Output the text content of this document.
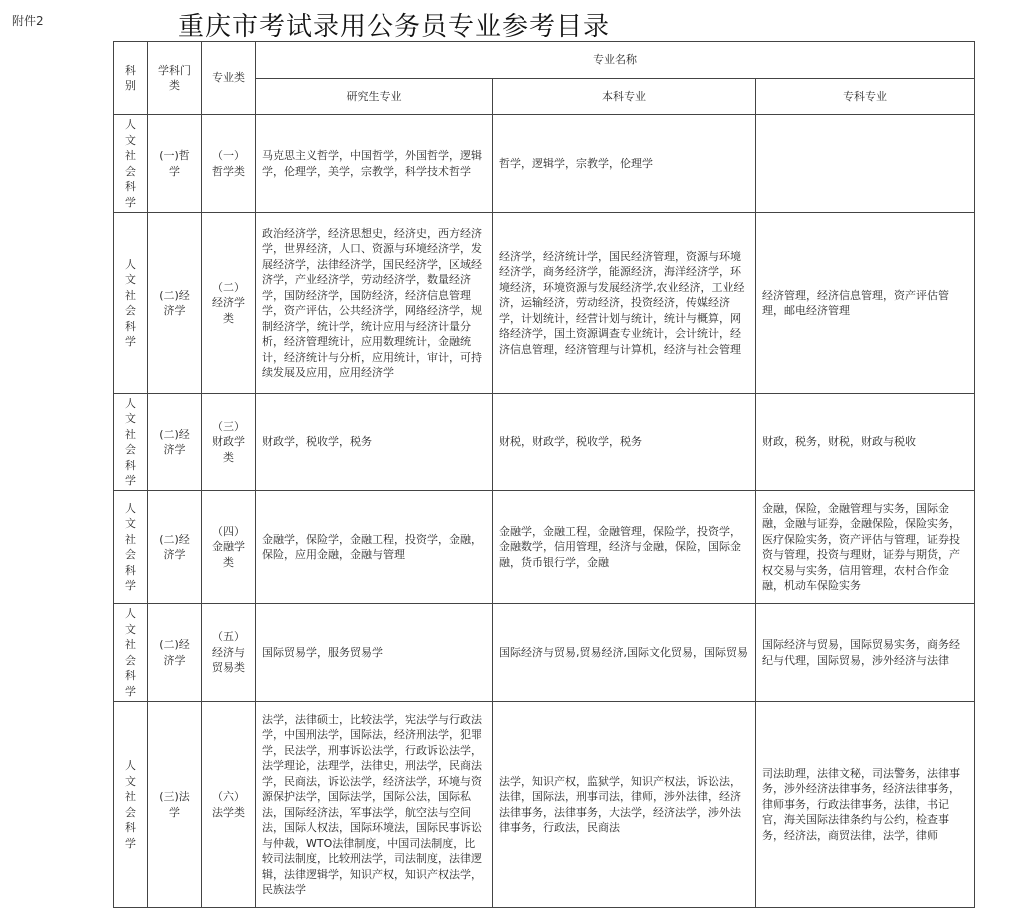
附件2	重庆市考试录用公务员专业参考目录
科别	学科门类	专业类	专业名称		
			研究生专业	本科专业	专科专业
人文社会科学	(一)哲学	（一）哲学类	马克思主义哲学，中国哲学，外国哲学，逻辑学，伦理学，美学，宗教学，科学技术哲学	哲学，逻辑学，宗教学，伦理学	
人文社会科学	(二)经济学	（二）经济学类	政治经济学，经济思想史，经济史，西方经济学，世界经济，人口、资源与环境经济学，发展经济学，法律经济学，国民经济学，区域经济学，产业经济学，劳动经济学，数量经济学，国防经济学，国防经济，经济信息管理学，资产评估，公共经济学，网络经济学，规制经济学，统计学，统计应用与经济计量分析，经济管理统计，应用数理统计，金融统计，经济统计与分析，应用统计，审计，可持续发展及应用，应用经济学	经济学，经济统计学，国民经济管理，资源与环境经济学，商务经济学，能源经济，海洋经济学，环境经济，环境资源与发展经济学,农业经济，工业经济，运输经济，劳动经济，投资经济，传媒经济学，计划统计，经营计划与统计，统计与概算，网络经济学，国土资源调查专业统计，会计统计，经济信息管理，经济管理与计算机，经济与社会管理	经济管理，经济信息管理，资产评估管理，邮电经济管理
人文社会科学	(二)经济学	（三）财政学类	财政学，税收学，税务	财税，财政学，税收学，税务	财政，税务，财税，财政与税收
人文社会科学	(二)经济学	（四）金融学类	金融学，保险学，金融工程，投资学，金融，保险，应用金融，金融与管理	金融学，金融工程，金融管理，保险学，投资学，金融数学，信用管理，经济与金融，保险，国际金融，货币银行学，金融	金融，保险，金融管理与实务，国际金融，金融与证券，金融保险，保险实务，医疗保险实务，资产评估与管理，证券投资与管理，投资与理财，证券与期货，产权交易与实务，信用管理，农村合作金融，机动车保险实务
人文社会科学	(二)经济学	（五）经济与贸易类	国际贸易学，服务贸易学	国际经济与贸易,贸易经济,国际文化贸易，国际贸易	国际经济与贸易，国际贸易实务，商务经纪与代理，国际贸易，涉外经济与法律
人文社会科学	(三)法学	（六）法学类	法学，法律硕士，比较法学，宪法学与行政法学，中国刑法学，国际法，经济刑法学，犯罪学，民法学，刑事诉讼法学，行政诉讼法学，法学理论，法理学，法律史，刑法学，民商法学，民商法，诉讼法学，经济法学，环境与资源保护法学，国际法学，国际公法，国际私法，国际经济法，军事法学，航空法与空间法，国际人权法，国际环境法，国际民事诉讼与仲裁，WTO法律制度，中国司法制度，比较司法制度，比较刑法学，司法制度，法律逻辑，法律逻辑学，知识产权，知识产权法学，民族法学	法学，知识产权，监狱学，知识产权法，诉讼法，法律，国际法，刑事司法，律师，涉外法律，经济法律事务，法律事务，大法学，经济法学，涉外法律事务，行政法，民商法	司法助理，法律文秘，司法警务，法律事务，涉外经济法律事务，经济法律事务，律师事务，行政法律事务，法律，书记官，海关国际法律条约与公约，检查事务，经济法，商贸法律，法学，律师
